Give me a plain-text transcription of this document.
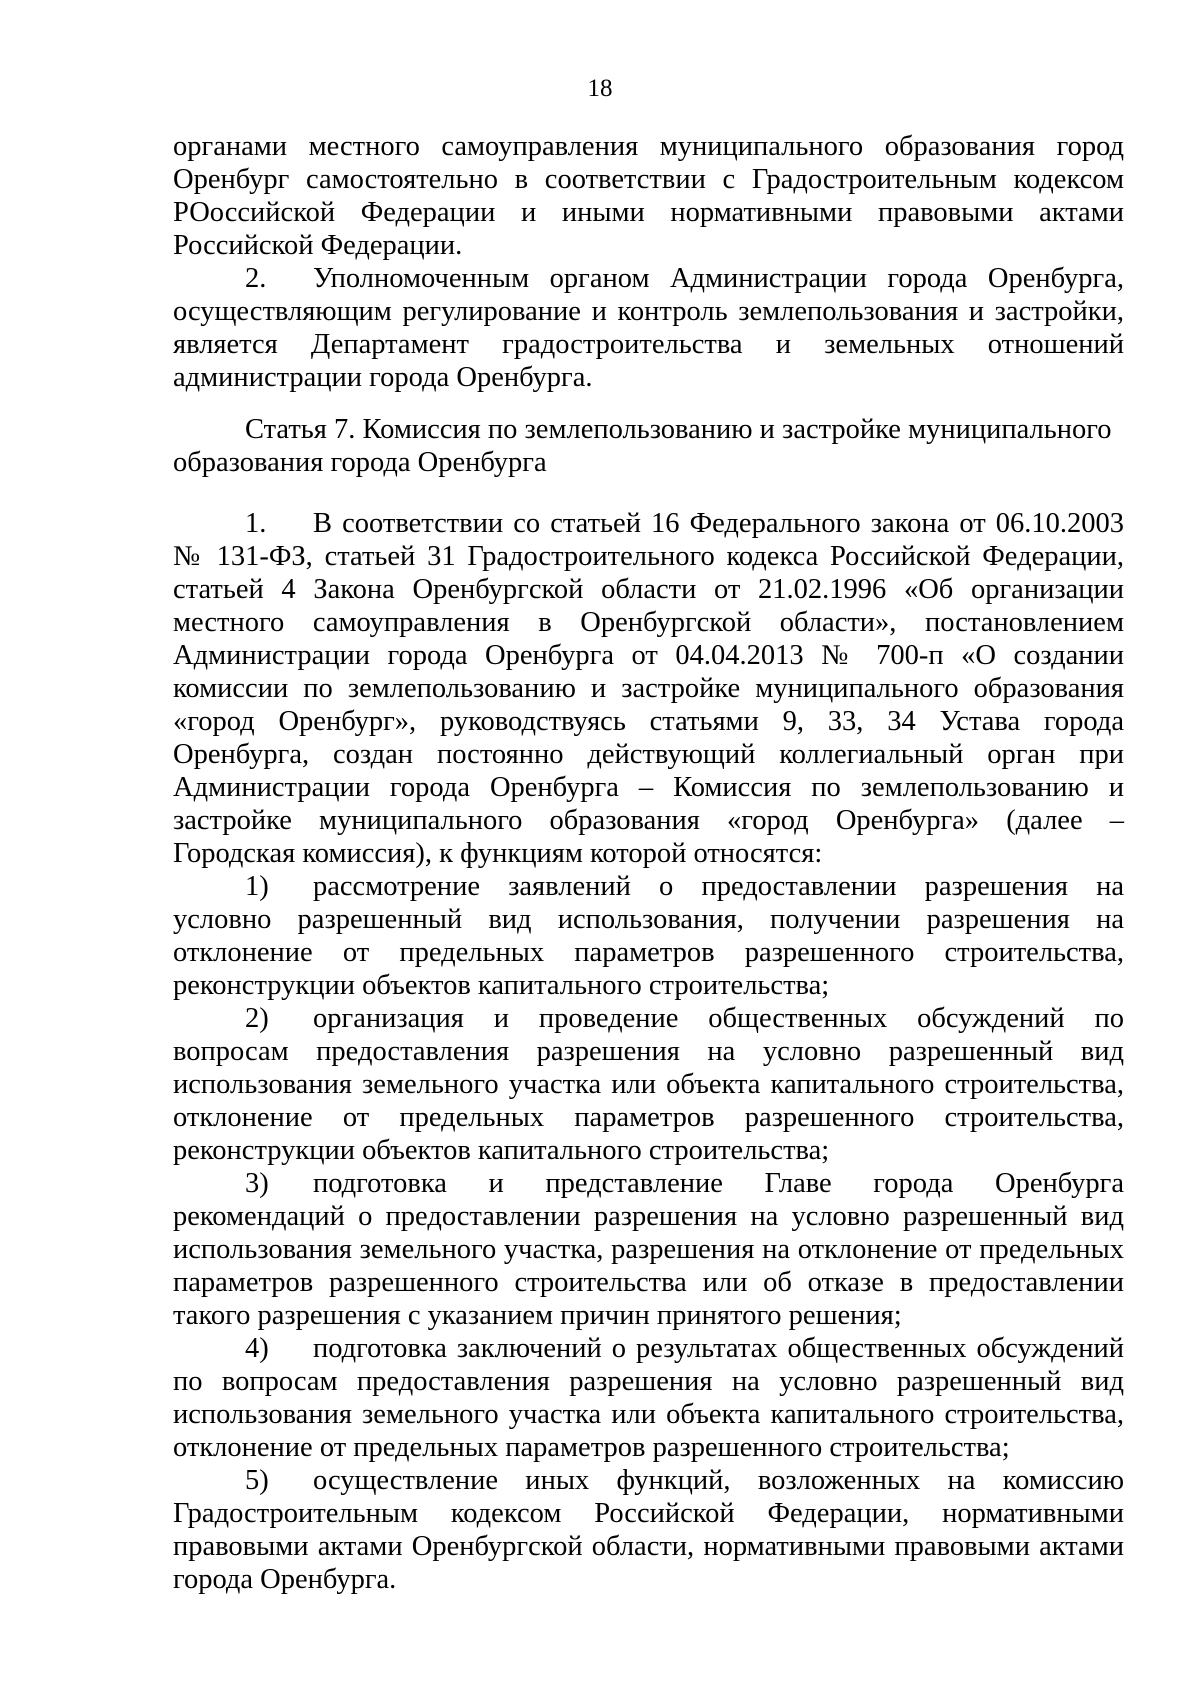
18

органами местного самоуправления муниципального образования город Оренбург самостоятельно в соответствии с Градостроительным кодексом РОоссийской Федерации и иными нормативными правовыми актами Российской Федерации.

2. Уполномоченным органом Администрации города Оренбурга, осуществляющим регулирование и контроль землепользования и застройки, является Департамент градостроительства и земельных отношений администрации города Оренбурга.

Статья 7. Комиссия по землепользованию и застройке муниципального образования города Оренбурга

1. В соответствии со статьей 16 Федерального закона от 06.10.2003 № 131-ФЗ, статьей 31 Градостроительного кодекса Российской Федерации, статьей 4 Закона Оренбургской области от 21.02.1996 «Об организации местного самоуправления в Оренбургской области», постановлением Администрации города Оренбурга от 04.04.2013 № 700-п «О создании комиссии по землепользованию и застройке муниципального образования «город Оренбург», руководствуясь статьями 9, 33, 34 Устава города Оренбурга, создан постоянно действующий коллегиальный орган при Администрации города Оренбурга – Комиссия по землепользованию и застройке муниципального образования «город Оренбурга» (далее – Городская комиссия), к функциям которой относятся:

1) рассмотрение заявлений о предоставлении разрешения на условно разрешенный вид использования, получении разрешения на отклонение от предельных параметров разрешенного строительства, реконструкции объектов капитального строительства;

2) организация и проведение общественных обсуждений по вопросам предоставления разрешения на условно разрешенный вид использования земельного участка или объекта капитального строительства, отклонение от предельных параметров разрешенного строительства, реконструкции объектов капитального строительства;

3) подготовка и представление Главе города Оренбурга рекомендаций о предоставлении разрешения на условно разрешенный вид использования земельного участка, разрешения на отклонение от предельных параметров разрешенного строительства или об отказе в предоставлении такого разрешения с указанием причин принятого решения;

4) подготовка заключений о результатах общественных обсуждений по вопросам предоставления разрешения на условно разрешенный вид использования земельного участка или объекта капитального строительства, отклонение от предельных параметров разрешенного строительства;

5) осуществление иных функций, возложенных на комиссию Градостроительным кодексом Российской Федерации, нормативными правовыми актами Оренбургской области, нормативными правовыми актами города Оренбурга.
